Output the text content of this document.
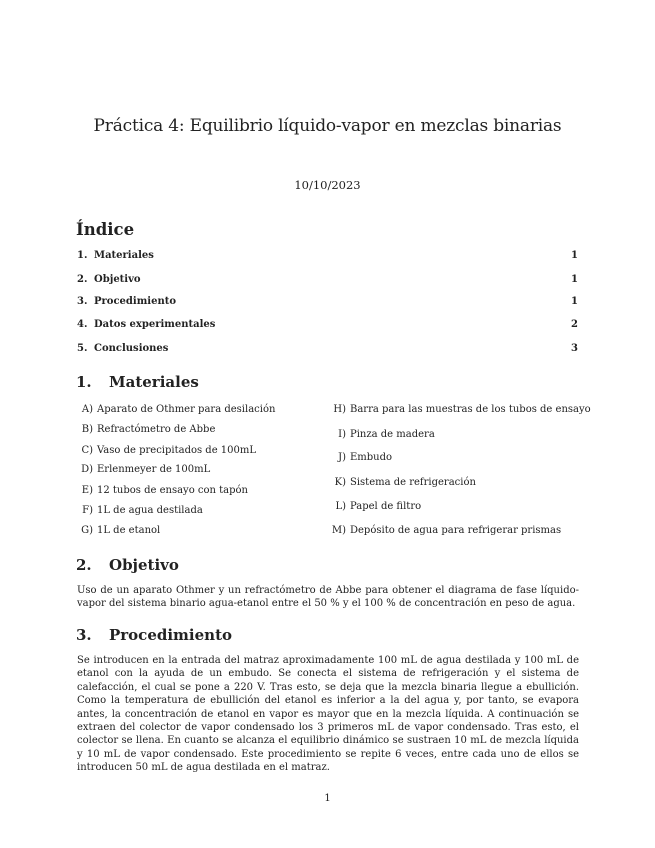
Práctica 4: Equilibrio líquido-vapor en mezclas binarias
10/10/2023
Índice
1. Materiales	1
2. Objetivo	1
3. Procedimiento	1
4. Datos experimentales	2
5. Conclusiones	3
1. Materiales
A) Aparato de Othmer para desilación
B) Refractómetro de Abbe
C) Vaso de precipitados de 100mL
D) Erlenmeyer de 100mL
E) 12 tubos de ensayo con tapón
F) 1L de agua destilada
G) 1L de etanol
H) Barra para las muestras de los tubos de ensayo
I) Pinza de madera
J) Embudo
K) Sistema de refrigeración
L) Papel de filtro
M) Depósito de agua para refrigerar prismas
2. Objetivo

Uso de un aparato Othmer y un refractómetro de Abbe para obtener el diagrama de fase líquido-vapor del sistema binario agua-etanol entre el 50 % y el 100 % de concentración en peso de agua.

3. Procedimiento

Se introducen en la entrada del matraz aproximadamente 100 mL de agua destilada y 100 mL de etanol con la ayuda de un embudo. Se conecta el sistema de refrigeración y el sistema de calefacción, el cual se pone a 220 V. Tras esto, se deja que la mezcla binaria llegue a ebullición. Como la temperatura de ebullición del etanol es inferior a la del agua y, por tanto, se evapora antes, la concentración de etanol en vapor es mayor que en la mezcla líquida. A continuación se extraen del colector de vapor condensado los 3 primeros mL de vapor condensado. Tras esto, el colector se llena. En cuanto se alcanza el equilibrio dinámico se sustraen 10 mL de mezcla líquida y 10 mL de vapor condensado. Este procedimiento se repite 6 veces, entre cada uno de ellos se introducen 50 mL de agua destilada en el matraz.

1
